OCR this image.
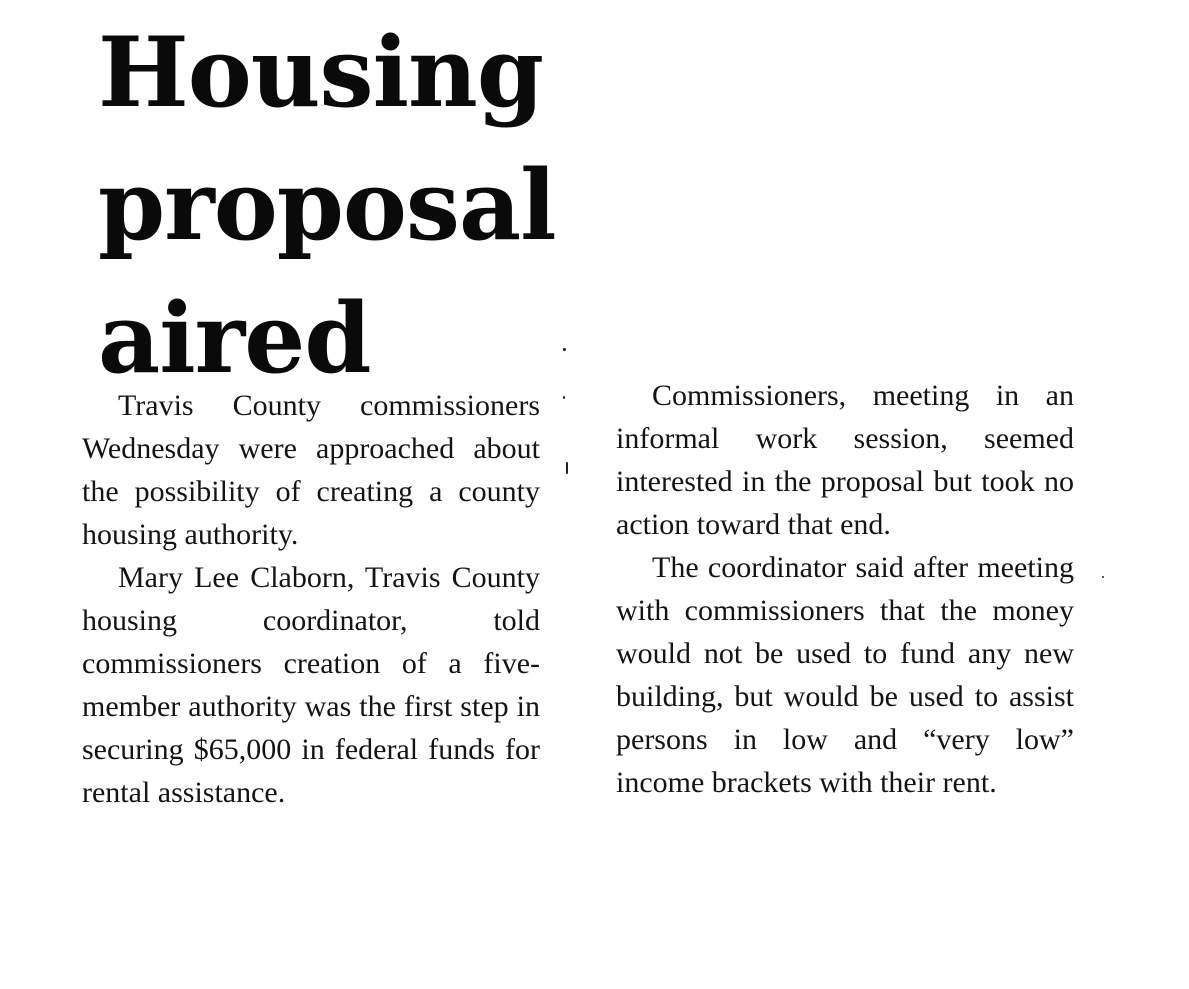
Housing
proposal
aired

Travis County commissioners Wednesday were approached about the possibility of creating a county housing authority.

Mary Lee Claborn, Travis County housing coordinator, told commissioners creation of a five-member authority was the first step in securing $65,000 in federal funds for rental assistance.

Commissioners, meeting in an informal work session, seemed interested in the proposal but took no action toward that end.

The coordinator said after meeting with commissioners that the money would not be used to fund any new building, but would be used to assist persons in low and “very low” income brackets with their rent.
